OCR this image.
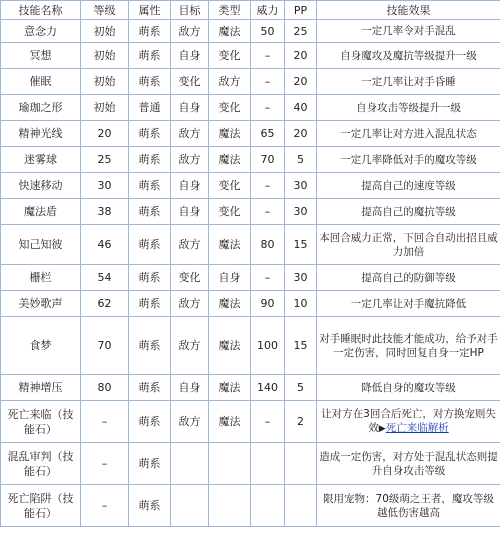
技能名称	等级	属性	目标	类型	威力	PP	技能效果
意念力	初始	萌系	敌方	魔法	50	25	一定几率令对手混乱
冥想	初始	萌系	自身	变化	–	20	自身魔攻及魔抗等级提升一级
催眠	初始	萌系	变化	敌方	–	20	一定几率让对手昏睡
瑜珈之形	初始	普通	自身	变化	–	40	自身攻击等级提升一级
精神光线	20	萌系	敌方	魔法	65	20	一定几率让对方进入混乱状态
迷雾球	25	萌系	敌方	魔法	70	5	一定几率降低对手的魔攻等级
快速移动	30	萌系	自身	变化	–	30	提高自己的速度等级
魔法盾	38	萌系	自身	变化	–	30	提高自己的魔抗等级
知己知彼	46	萌系	敌方	魔法	80	15	本回合威力正常，下回合自动出招且威力加倍
栅栏	54	萌系	变化	自身	–	30	提高自己的防御等级
美妙歌声	62	萌系	敌方	魔法	90	10	一定几率让对手魔抗降低
食梦	70	萌系	敌方	魔法	100	15	对手睡眠时此技能才能成功，给予对手一定伤害，同时回复自身一定HP
精神增压	80	萌系	自身	魔法	140	5	降低自身的魔攻等级
死亡来临（技能石）	–	萌系	敌方	魔法	–	2	让对方在3回合后死亡，对方换宠则失效▶死亡来临解析
混乱审判（技能石）	–	萌系					造成一定伤害，对方处于混乱状态则提升自身攻击等级
死亡陷阱（技能石）	–	萌系					限用宠物：70级萌之王者，魔攻等级越低伤害越高
